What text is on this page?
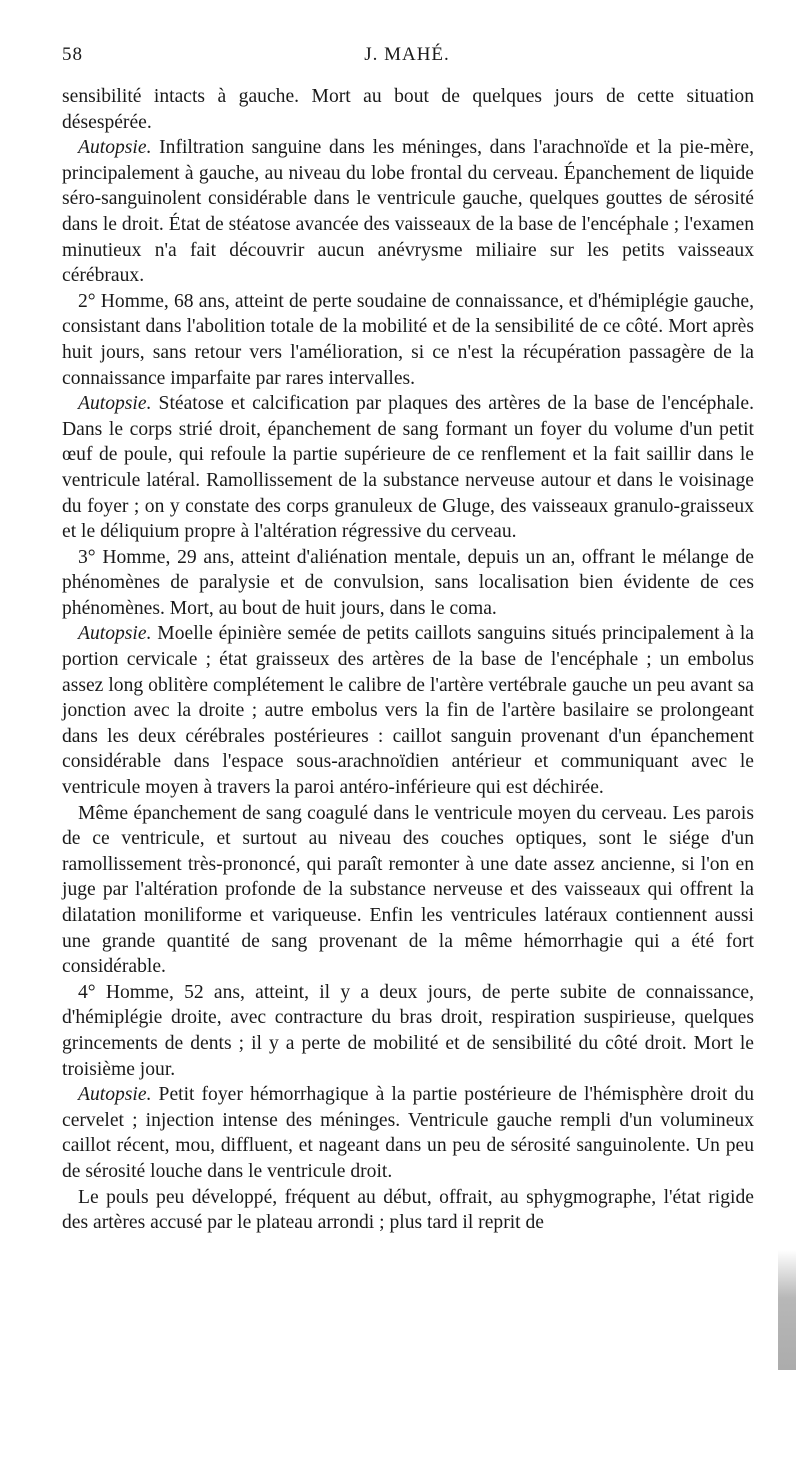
58	J. MAHÉ.

sensibilité intacts à gauche. Mort au bout de quelques jours de cette situation désespérée.

Autopsie. Infiltration sanguine dans les méninges, dans l'arachnoïde et la pie-mère, principalement à gauche, au niveau du lobe frontal du cerveau. Épanchement de liquide séro-sanguinolent considérable dans le ventricule gauche, quelques gouttes de sérosité dans le droit. État de stéatose avancée des vaisseaux de la base de l'encéphale ; l'examen minutieux n'a fait découvrir aucun anévrysme miliaire sur les petits vaisseaux cérébraux.

2° Homme, 68 ans, atteint de perte soudaine de connaissance, et d'hémiplégie gauche, consistant dans l'abolition totale de la mobilité et de la sensibilité de ce côté. Mort après huit jours, sans retour vers l'amélioration, si ce n'est la récupération passagère de la connaissance imparfaite par rares intervalles.

Autopsie. Stéatose et calcification par plaques des artères de la base de l'encéphale. Dans le corps strié droit, épanchement de sang formant un foyer du volume d'un petit œuf de poule, qui refoule la partie supérieure de ce renflement et la fait saillir dans le ventricule latéral. Ramollissement de la substance nerveuse autour et dans le voisinage du foyer ; on y constate des corps granuleux de Gluge, des vaisseaux granulo-graisseux et le déliquium propre à l'altération régressive du cerveau.

3° Homme, 29 ans, atteint d'aliénation mentale, depuis un an, offrant le mélange de phénomènes de paralysie et de convulsion, sans localisation bien évidente de ces phénomènes. Mort, au bout de huit jours, dans le coma.

Autopsie. Moelle épinière semée de petits caillots sanguins situés principalement à la portion cervicale ; état graisseux des artères de la base de l'encéphale ; un embolus assez long oblitère complétement le calibre de l'artère vertébrale gauche un peu avant sa jonction avec la droite ; autre embolus vers la fin de l'artère basilaire se prolongeant dans les deux cérébrales postérieures : caillot sanguin provenant d'un épanchement considérable dans l'espace sous-arachnoïdien antérieur et communiquant avec le ventricule moyen à travers la paroi antéro-inférieure qui est déchirée.

Même épanchement de sang coagulé dans le ventricule moyen du cerveau. Les parois de ce ventricule, et surtout au niveau des couches optiques, sont le siége d'un ramollissement très-prononcé, qui paraît remonter à une date assez ancienne, si l'on en juge par l'altération profonde de la substance nerveuse et des vaisseaux qui offrent la dilatation moniliforme et variqueuse. Enfin les ventricules latéraux contiennent aussi une grande quantité de sang provenant de la même hémorrhagie qui a été fort considérable.

4° Homme, 52 ans, atteint, il y a deux jours, de perte subite de connaissance, d'hémiplégie droite, avec contracture du bras droit, respiration suspirieuse, quelques grincements de dents ; il y a perte de mobilité et de sensibilité du côté droit. Mort le troisième jour.

Autopsie. Petit foyer hémorrhagique à la partie postérieure de l'hémisphère droit du cervelet ; injection intense des méninges. Ventricule gauche rempli d'un volumineux caillot récent, mou, diffluent, et nageant dans un peu de sérosité sanguinolente. Un peu de sérosité louche dans le ventricule droit.

Le pouls peu développé, fréquent au début, offrait, au sphygmographe, l'état rigide des artères accusé par le plateau arrondi ; plus tard il reprit de
